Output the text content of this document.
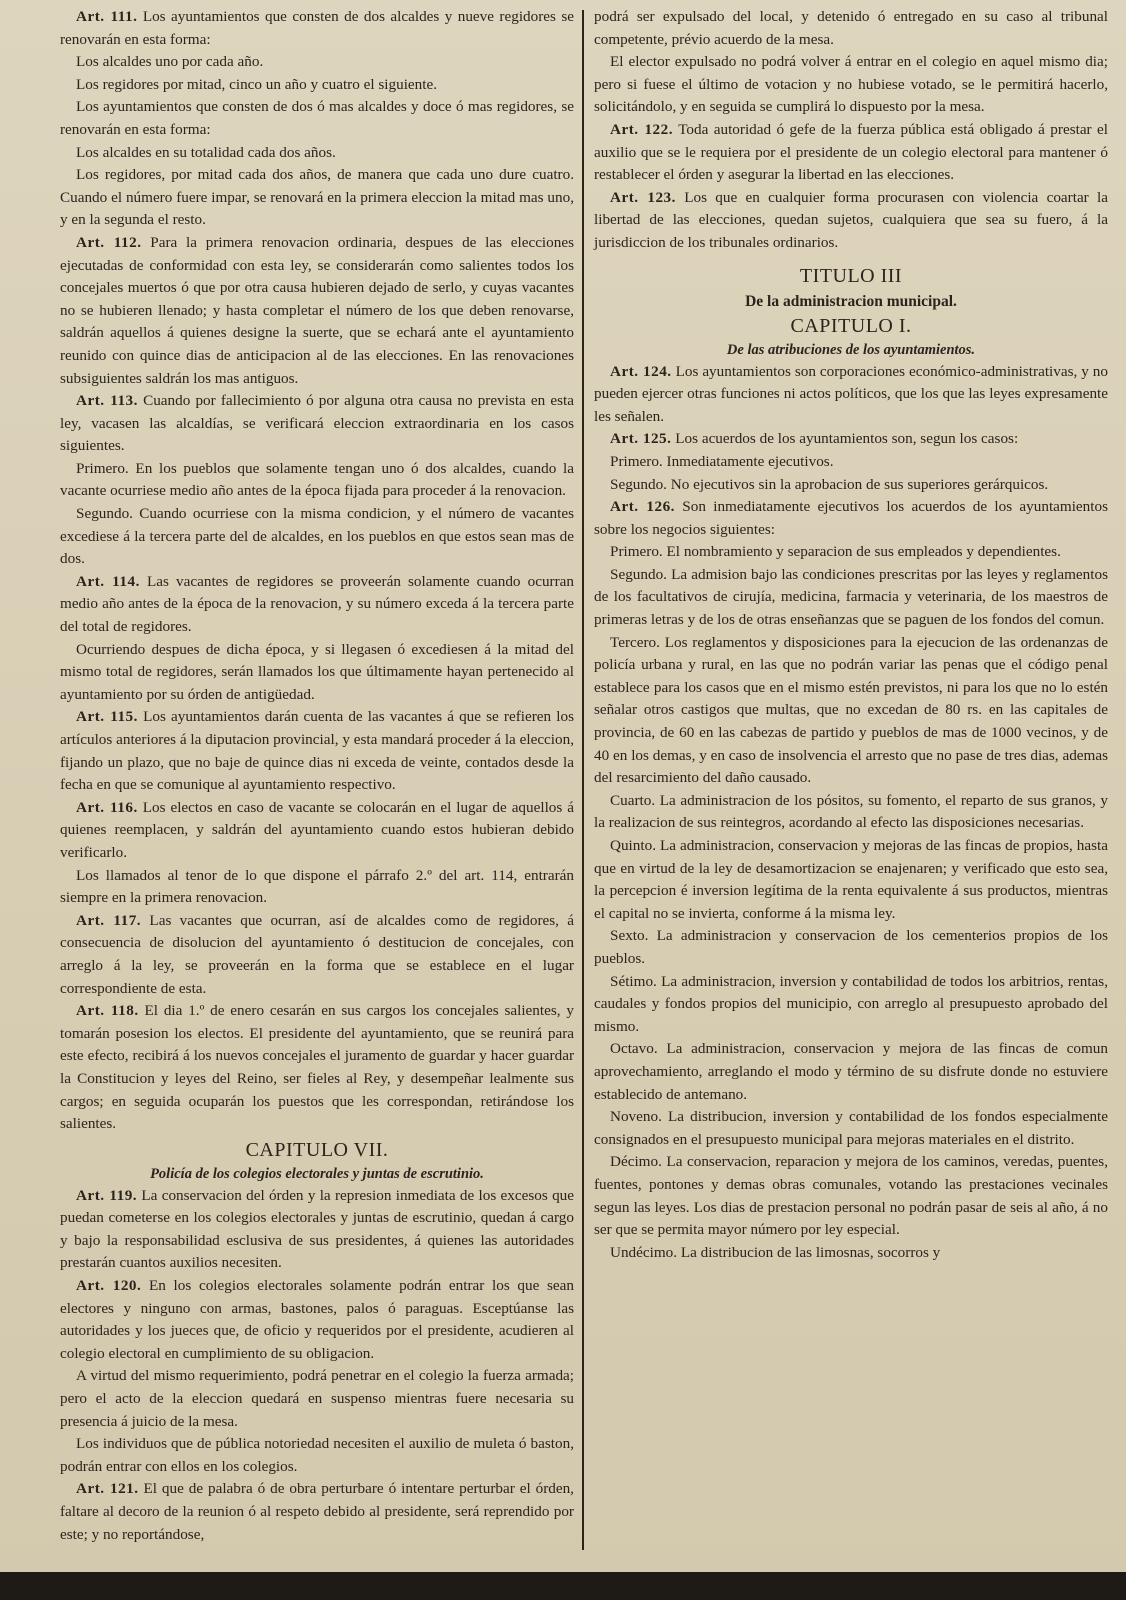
Art. 111. Los ayuntamientos que consten de dos alcaldes y nueve regidores se renovarán en esta forma:

Los alcaldes uno por cada año.

Los regidores por mitad, cinco un año y cuatro el siguiente.

Los ayuntamientos que consten de dos ó mas alcaldes y doce ó mas regidores, se renovarán en esta forma:

Los alcaldes en su totalidad cada dos años.

Los regidores, por mitad cada dos años, de manera que cada uno dure cuatro. Cuando el número fuere impar, se renovará en la primera eleccion la mitad mas uno, y en la segunda el resto.

Art. 112. Para la primera renovacion ordinaria, despues de las elecciones ejecutadas de conformidad con esta ley, se considerarán como salientes todos los concejales muertos ó que por otra causa hubieren dejado de serlo, y cuyas vacantes no se hubieren llenado; y hasta completar el número de los que deben renovarse, saldrán aquellos á quienes designe la suerte, que se echará ante el ayuntamiento reunido con quince dias de anticipacion al de las elecciones. En las renovaciones subsiguientes saldrán los mas antiguos.

Art. 113. Cuando por fallecimiento ó por alguna otra causa no prevista en esta ley, vacasen las alcaldías, se verificará eleccion extraordinaria en los casos siguientes.

Primero. En los pueblos que solamente tengan uno ó dos alcaldes, cuando la vacante ocurriese medio año antes de la época fijada para proceder á la renovacion.

Segundo. Cuando ocurriese con la misma condicion, y el número de vacantes excediese á la tercera parte del de alcaldes, en los pueblos en que estos sean mas de dos.

Art. 114. Las vacantes de regidores se proveerán solamente cuando ocurran medio año antes de la época de la renovacion, y su número exceda á la tercera parte del total de regidores.

Ocurriendo despues de dicha época, y si llegasen ó excediesen á la mitad del mismo total de regidores, serán llamados los que últimamente hayan pertenecido al ayuntamiento por su órden de antigüedad.

Art. 115. Los ayuntamientos darán cuenta de las vacantes á que se refieren los artículos anteriores á la diputacion provincial, y esta mandará proceder á la eleccion, fijando un plazo, que no baje de quince dias ni exceda de veinte, contados desde la fecha en que se comunique al ayuntamiento respectivo.

Art. 116. Los electos en caso de vacante se colocarán en el lugar de aquellos á quienes reemplacen, y saldrán del ayuntamiento cuando estos hubieran debido verificarlo.

Los llamados al tenor de lo que dispone el párrafo 2.º del art. 114, entrarán siempre en la primera renovacion.

Art. 117. Las vacantes que ocurran, así de alcaldes como de regidores, á consecuencia de disolucion del ayuntamiento ó destitucion de concejales, con arreglo á la ley, se proveerán en la forma que se establece en el lugar correspondiente de esta.

Art. 118. El dia 1.º de enero cesarán en sus cargos los concejales salientes, y tomarán posesion los electos. El presidente del ayuntamiento, que se reunirá para este efecto, recibirá á los nuevos concejales el juramento de guardar y hacer guardar la Constitucion y leyes del Reino, ser fieles al Rey, y desempeñar lealmente sus cargos; en seguida ocuparán los puestos que les correspondan, retirándose los salientes.

CAPITULO VII.
Policía de los colegios electorales y juntas de escrutinio.

Art. 119. La conservacion del órden y la represion inmediata de los excesos que puedan cometerse en los colegios electorales y juntas de escrutinio, quedan á cargo y bajo la responsabilidad esclusiva de sus presidentes, á quienes las autoridades prestarán cuantos auxilios necesiten.

Art. 120. En los colegios electorales solamente podrán entrar los que sean electores y ninguno con armas, bastones, palos ó paraguas. Esceptúanse las autoridades y los jueces que, de oficio y requeridos por el presidente, acudieren al colegio electoral en cumplimiento de su obligacion.

A virtud del mismo requerimiento, podrá penetrar en el colegio la fuerza armada; pero el acto de la eleccion quedará en suspenso mientras fuere necesaria su presencia á juicio de la mesa.

Los individuos que de pública notoriedad necesiten el auxilio de muleta ó baston, podrán entrar con ellos en los colegios.

Art. 121. El que de palabra ó de obra perturbare ó intentare perturbar el órden, faltare al decoro de la reunion ó al respeto debido al presidente, será reprendido por este; y no reportándose,

podrá ser expulsado del local, y detenido ó entregado en su caso al tribunal competente, prévio acuerdo de la mesa.

El elector expulsado no podrá volver á entrar en el colegio en aquel mismo dia; pero si fuese el último de votacion y no hubiese votado, se le permitirá hacerlo, solicitándolo, y en seguida se cumplirá lo dispuesto por la mesa.

Art. 122. Toda autoridad ó gefe de la fuerza pública está obligado á prestar el auxilio que se le requiera por el presidente de un colegio electoral para mantener ó restablecer el órden y asegurar la libertad en las elecciones.

Art. 123. Los que en cualquier forma procurasen con violencia coartar la libertad de las elecciones, quedan sujetos, cualquiera que sea su fuero, á la jurisdiccion de los tribunales ordinarios.

TITULO III
De la administracion municipal.
CAPITULO I.
De las atribuciones de los ayuntamientos.

Art. 124. Los ayuntamientos son corporaciones económico-administrativas, y no pueden ejercer otras funciones ni actos políticos, que los que las leyes expresamente les señalen.

Art. 125. Los acuerdos de los ayuntamientos son, segun los casos:

Primero. Inmediatamente ejecutivos.

Segundo. No ejecutivos sin la aprobacion de sus superiores gerárquicos.

Art. 126. Son inmediatamente ejecutivos los acuerdos de los ayuntamientos sobre los negocios siguientes:

Primero. El nombramiento y separacion de sus empleados y dependientes.

Segundo. La admision bajo las condiciones prescritas por las leyes y reglamentos de los facultativos de cirujía, medicina, farmacia y veterinaria, de los maestros de primeras letras y de los de otras enseñanzas que se paguen de los fondos del comun.

Tercero. Los reglamentos y disposiciones para la ejecucion de las ordenanzas de policía urbana y rural, en las que no podrán variar las penas que el código penal establece para los casos que en el mismo estén previstos, ni para los que no lo estén señalar otros castigos que multas, que no excedan de 80 rs. en las capitales de provincia, de 60 en las cabezas de partido y pueblos de mas de 1000 vecinos, y de 40 en los demas, y en caso de insolvencia el arresto que no pase de tres dias, ademas del resarcimiento del daño causado.

Cuarto. La administracion de los pósitos, su fomento, el reparto de sus granos, y la realizacion de sus reintegros, acordando al efecto las disposiciones necesarias.

Quinto. La administracion, conservacion y mejoras de las fincas de propios, hasta que en virtud de la ley de desamortizacion se enajenaren; y verificado que esto sea, la percepcion é inversion legítima de la renta equivalente á sus productos, mientras el capital no se invierta, conforme á la misma ley.

Sexto. La administracion y conservacion de los cementerios propios de los pueblos.

Sétimo. La administracion, inversion y contabilidad de todos los arbitrios, rentas, caudales y fondos propios del municipio, con arreglo al presupuesto aprobado del mismo.

Octavo. La administracion, conservacion y mejora de las fincas de comun aprovechamiento, arreglando el modo y término de su disfrute donde no estuviere establecido de antemano.

Noveno. La distribucion, inversion y contabilidad de los fondos especialmente consignados en el presupuesto municipal para mejoras materiales en el distrito.

Décimo. La conservacion, reparacion y mejora de los caminos, veredas, puentes, fuentes, pontones y demas obras comunales, votando las prestaciones vecinales segun las leyes. Los dias de prestacion personal no podrán pasar de seis al año, á no ser que se permita mayor número por ley especial.

Undécimo. La distribucion de las limosnas, socorros y
